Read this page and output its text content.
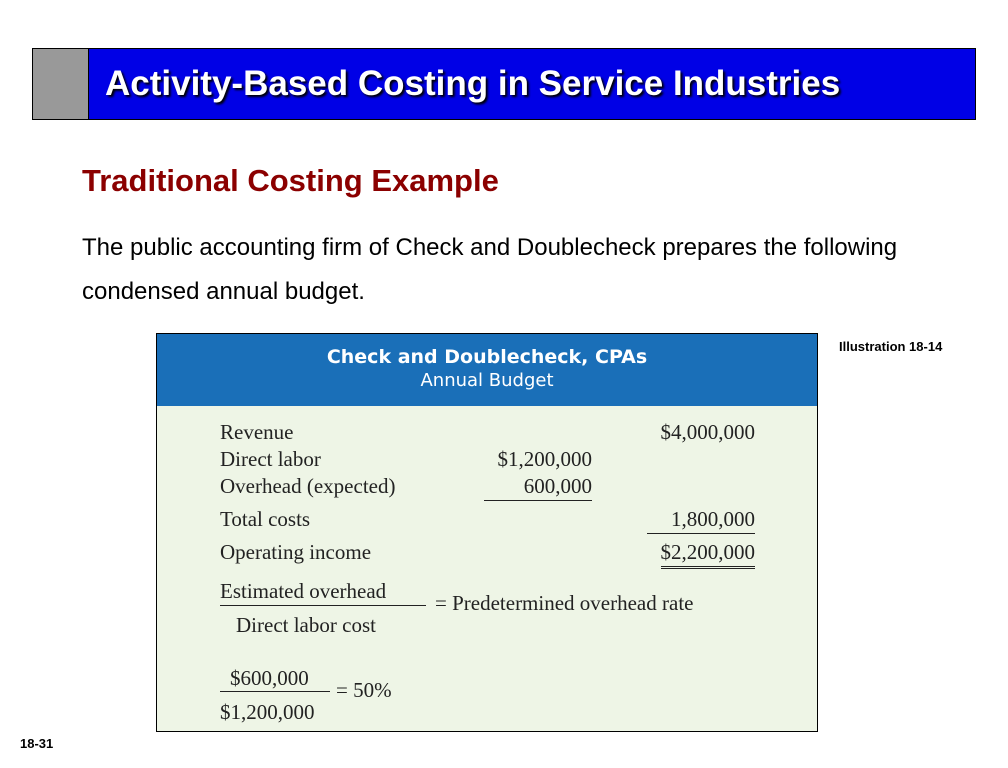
Activity-Based Costing in Service Industries
Traditional Costing Example
The public accounting firm of Check and Doublecheck prepares the following condensed annual budget.
Illustration 18-14
Check and Doublecheck, CPAs
Annual Budget
Revenue	$4,000,000
Direct labor	$1,200,000
Overhead (expected)	600,000
Total costs	1,800,000
Operating income	$2,200,000
Estimated overhead
Direct labor cost
= Predetermined overhead rate
$600,000
$1,200,000
= 50%
18-31
